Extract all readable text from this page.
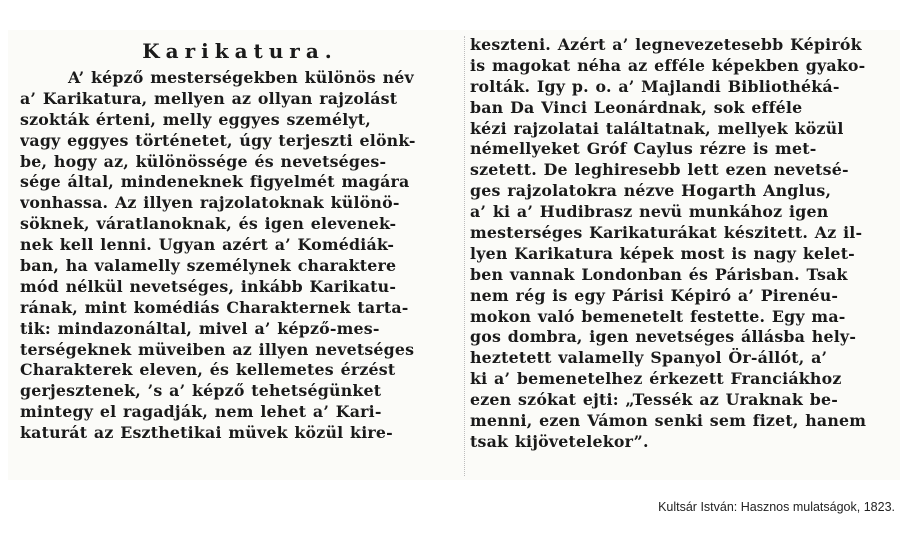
Karikatura.
A’ képző mesterségekben különös név
a’ Karikatura, mellyen az ollyan rajzolást
szokták érteni, melly eggyes személyt,
vagy eggyes történetet, úgy terjeszti elönk-
be, hogy az, különössége és nevetséges-
sége által, mindeneknek figyelmét magára
vonhassa. Az illyen rajzolatoknak különö-
söknek, váratlanoknak, és igen elevenek-
nek kell lenni. Ugyan azért a’ Komédiák-
ban, ha valamelly személynek charaktere
mód nélkül nevetséges, inkább Karikatu-
rának, mint komédiás Charakternek tarta-
tik: mindazonáltal, mivel a’ képző-mes-
terségeknek müveiben az illyen nevetséges
Charakterek eleven, és kellemetes érzést
gerjesztenek, ’s a’ képző tehetségünket
mintegy el ragadják, nem lehet a’ Kari-
katurát az Eszthetikai müvek közül kire-
keszteni. Azért a’ legnevezetesebb Képirók
is magokat néha az efféle képekben gyako-
rolták. Igy p. o. a’ Majlandi Bibliothéká-
ban Da Vinci Leonárdnak, sok efféle
kézi rajzolatai találtatnak, mellyek közül
némellyeket Gróf Caylus rézre is met-
szetett. De leghiresebb lett ezen nevetsé-
ges rajzolatokra nézve Hogarth Anglus,
a’ ki a’ Hudibrasz nevü munkához igen
mesterséges Karikaturákat készitett. Az il-
lyen Karikatura képek most is nagy kelet-
ben vannak Londonban és Párisban. Tsak
nem rég is egy Párisi Képiró a’ Pirenéu-
mokon való bemenetelt festette. Egy ma-
gos dombra, igen nevetséges állásba hely-
heztetett valamelly Spanyol Ör-állót, a’
ki a’ bemenetelhez érkezett Franciákhoz
ezen szókat ejti: „Tessék az Uraknak be-
menni, ezen Vámon senki sem fizet, hanem
tsak kijövetelekor”.
Kultsár István: Hasznos mulatságok, 1823.
